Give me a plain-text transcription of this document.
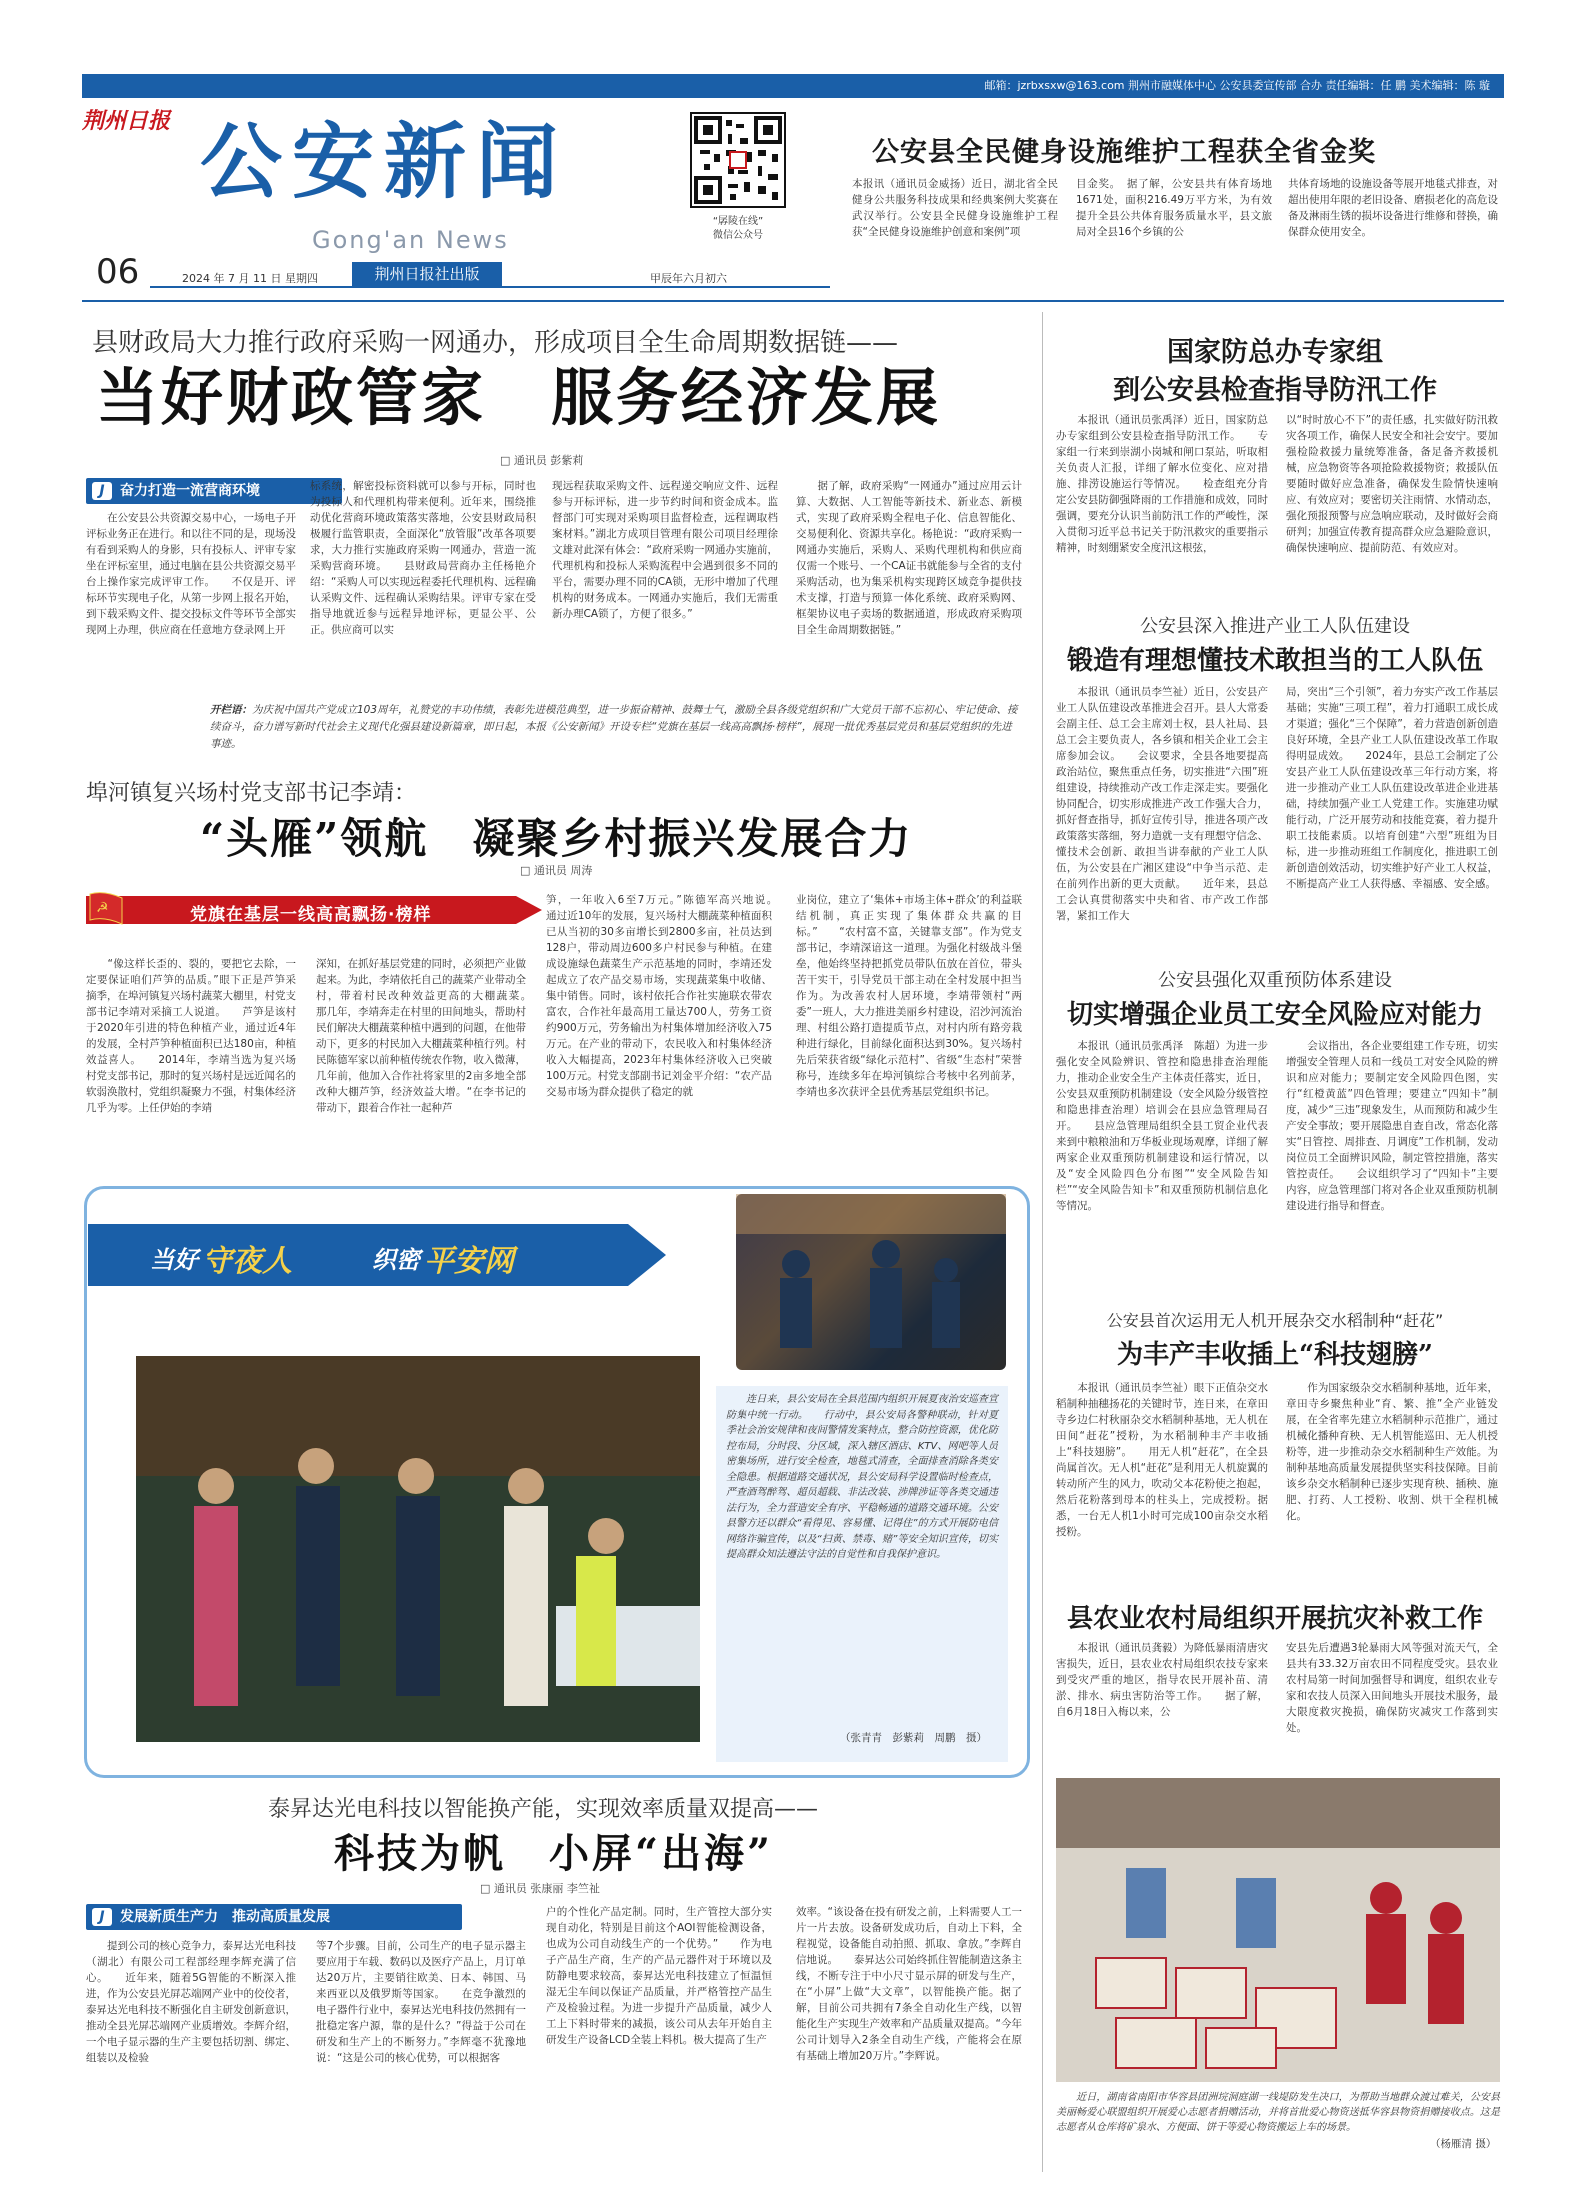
邮箱：jzrbxsxw@163.com 荆州市融媒体中心 公安县委宣传部 合办 责任编辑：任 鹏 美术编辑：陈 璇
荆州日报 公安新闻
Gong'an News
“孱陵在线”
微信公众号
06	2024 年 7 月 11 日 星期四	荆州日报社出版	甲辰年六月初六
公安县全民健身设施维护工程获全省金奖
本报讯（通讯员金威扬）近日，湖北省全民健身公共服务科技成果和经典案例大奖赛在武汉举行。公安县全民健身设施维护工程获“全民健身设施维护创意和案例”项
目金奖。　据了解，公安县共有体育场地1671处，面积216.49万平方米，为有效提升全县公共体育服务质量水平，县文旅局对全县16个乡镇的公
共体育场地的设施设备等展开地毯式排查，对超出使用年限的老旧设备、磨损老化的高危设备及淋雨生锈的损坏设备进行维修和替换，确保群众使用安全。
县财政局大力推行政府采购一网通办，形成项目全生命周期数据链——
当好财政管家　服务经济发展
□ 通讯员 彭紫莉
J	奋力打造一流营商环境
　　在公安县公共资源交易中心，一场电子开评标业务正在进行。和以往不同的是，现场没有看到采购人的身影，只有投标人、评审专家坐在评标室里，通过电脑在县公共资源交易平台上操作家完成评审工作。　　不仅是开、评标环节实现电子化，从第一步网上报名开始，到下载采购文件、提交投标文件等环节全部实现网上办理，供应商在任意地方登录网上开
标系统，解密投标资料就可以参与开标，同时也为投标人和代理机构带来便利。近年来，围绕推动优化营商环境政策落实落地，公安县财政局积极履行监管职责，全面深化“放管服”改革各项要求，大力推行实施政府采购一网通办，营造一流采购营商环境。　　县财政局营商办主任杨艳介绍：“采购人可以实现远程委托代理机构、远程确认采购文件、远程确认采购结果。评审专家在受指导地就近参与远程异地评标，更显公平、公正。供应商可以实
现远程获取采购文件、远程递交响应文件、远程参与开标评标，进一步节约时间和资金成本。监督部门可实现对采购项目监督检查，远程调取档案材料。”湖北方成项目管理有限公司项目经理徐文雄对此深有体会：“政府采购一网通办实施前，代理机构和投标人采购流程中会遇到很多不同的平台，需要办理不同的CA锁，无形中增加了代理机构的财务成本。一网通办实施后，我们无需重新办理CA锁了，方便了很多。”
　　据了解，政府采购“一网通办”通过应用云计算、大数据、人工智能等新技术、新业态、新模式，实现了政府采购全程电子化、信息智能化、交易便利化、资源共享化。杨艳说：“政府采购一网通办实施后，采购人、采购代理机构和供应商仅需一个账号、一个CA证书就能参与全省的支付采购活动，也为集采机构实现跨区域竞争提供技术支撑，打造与预算一体化系统、政府采购网、框架协议电子卖场的数据通道，形成政府采购项目全生命周期数据链。”
开栏语：为庆祝中国共产党成立103周年，礼赞党的丰功伟绩，表彰先进模范典型，进一步振奋精神、鼓舞士气，激励全县各级党组织和广大党员干部不忘初心、牢记使命、接续奋斗，奋力谱写新时代社会主义现代化强县建设新篇章，即日起，本报《公安新闻》开设专栏“党旗在基层一线高高飘扬·榜样”，展现一批优秀基层党员和基层党组织的先进事迹。
埠河镇复兴场村党支部书记李靖：
“头雁”领航　凝聚乡村振兴发展合力
□ 通讯员 周涛
☭	党旗在基层一线高高飘扬·榜样
　　“像这样长歪的、裂的，要把它去除，一定要保证咱们芦笋的品质。”眼下正是芦笋采摘季，在埠河镇复兴场村蔬菜大棚里，村党支部书记李靖对采摘工人说道。　　芦笋是该村于2020年引进的特色种植产业，通过近4年的发展，全村芦笋种植面积已达180亩，种植效益喜人。　　2014年，李靖当选为复兴场村党支部书记，那时的复兴场村是远近闻名的软弱涣散村，党组织凝聚力不强，村集体经济几乎为零。上任伊始的李靖
深知，在抓好基层党建的同时，必须把产业做起来。为此，李靖依托自己的蔬菜产业带动全村，带着村民改种效益更高的大棚蔬菜。　　那几年，李靖奔走在村里的田间地头，帮助村民们解决大棚蔬菜种植中遇到的问题，在他带动下，更多的村民加入大棚蔬菜种植行列。村民陈德军家以前种植传统农作物，收入微薄，几年前，他加入合作社将家里的2亩多地全部改种大棚芦笋，经济效益大增。“在李书记的带动下，跟着合作社一起种芦
笋，一年收入6至7万元。”陈德军高兴地说。　　通过近10年的发展，复兴场村大棚蔬菜种植面积已从当初的30多亩增长到2800多亩，社员达到128户，带动周边600多户村民参与种植。在建成设施绿色蔬菜生产示范基地的同时，李靖还发起成立了农产品交易市场，实现蔬菜集中收储、集中销售。同时，该村依托合作社实施联农带农富农，合作社年最高用工量达700人，劳务工资约900万元，劳务输出为村集体增加经济收入75万元。在产业的带动下，农民收入和村集体经济收入大幅提高，2023年村集体经济收入已突破100万元。村党支部副书记刘金平介绍：“农产品交易市场为群众提供了稳定的就
业岗位，建立了‘集体+市场主体+群众’的利益联结机制，真正实现了集体群众共赢的目标。”　　“农村富不富，关键靠支部”。作为党支部书记，李靖深谙这一道理。为强化村级战斗堡垒，他始终坚持把抓党员带队伍放在首位，带头苦干实干，引导党员干部主动在全村发展中担当作为。为改善农村人居环境，李靖带领村“两委”一班人，大力推进美丽乡村建设，沼沙河流治理、村组公路打造提质节点，对村内所有路旁栽种进行绿化，目前绿化面积达到30%。复兴场村先后荣获省级“绿化示范村”、省级“生态村”荣誉称号，连续多年在埠河镇综合考核中名列前茅，李靖也多次获评全县优秀基层党组织书记。
当好 守夜人	织密 平安网
　　连日来，县公安局在全县范围内组织开展夏夜治安巡查宣防集中统一行动。　　行动中，县公安局各警种联动，针对夏季社会治安规律和夜间警情发案特点，整合防控资源，优化防控布局，分时段、分区域，深入辖区酒店、KTV、网吧等人员密集场所，进行安全检查，地毯式清查，全面排查消除各类安全隐患。根据道路交通状况，县公安局科学设置临时检查点，严查酒驾醉驾、超员超载、非法改装、涉牌涉证等各类交通违法行为，全力营造安全有序、平稳畅通的道路交通环境。公安县警方还以群众“看得见、容易懂、记得住”的方式开展防电信网络诈骗宣传，以及“扫黄、禁毒、赌”等安全知识宣传，切实提高群众知法遵法守法的自觉性和自我保护意识。
（张青青　彭紫莉　周鹏　摄）
泰昇达光电科技以智能换产能，实现效率质量双提高——
科技为帆　小屏“出海”
□ 通讯员 张康丽 李竺祉
J	发展新质生产力　推动高质量发展
　　提到公司的核心竞争力，泰昇达光电科技（湖北）有限公司工程部经理李辉充满了信心。　　近年来，随着5G智能的不断深入推进，作为公安县光屏芯端网产业中的佼佼者，泰昇达光电科技不断强化自主研发创新意识，推动全县光屏芯端网产业质增效。李辉介绍，一个电子显示器的生产主要包括切割、绑定、组装以及检验
等7个步骤。目前，公司生产的电子显示器主要应用于车载、数码以及医疗产品上，月订单达20万片，主要销往欧美、日本、韩国、马来西亚以及俄罗斯等国家。　　在竞争激烈的电子器件行业中，泰昇达光电科技仍然拥有一批稳定客户源，靠的是什么？”得益于公司在研发和生产上的不断努力。”李辉毫不犹豫地说：“这是公司的核心优势，可以根据客
户的个性化产品定制。同时，生产管控大部分实现自动化，特别是目前这个AOI智能检测设备，也成为公司自动线生产的一个优势。”　　作为电子产品生产商，生产的产品元器件对于环境以及防静电要求较高，泰昇达光电科技建立了恒温恒湿无尘车间以保证产品质量，并严格管控产品生产及检验过程。为进一步提升产品质量，减少人工上下料时带来的减损，该公司从去年开始自主研发生产设备LCD全装上料机。极大提高了生产
效率。“该设备在投有研发之前，上料需要人工一片一片去放。设备研发成功后，自动上下料，全程视觉，设备能自动拍照、抓取、拿放。”李辉自信地说。　　泰昇达公司始终抓住智能制造这条主线，不断专注于中小尺寸显示屏的研发与生产，在“小屏”上做“大文章”，以智能换产能。据了解，目前公司共拥有7条全自动化生产线，以智能化生产实现生产效率和产品质量双提高。“今年公司计划导入2条全自动生产线，产能将会在原有基础上增加20万片。”李辉说。
国家防总办专家组
到公安县检查指导防汛工作
　　本报讯（通讯员张禹泽）近日，国家防总办专家组到公安县检查指导防汛工作。　　专家组一行来到崇湖小岗城和闸口泵站，听取相关负责人汇报，详细了解水位变化、应对措施、排涝设施运行等情况。　　检查组充分肯定公安县防御强降雨的工作措施和成效，同时强调，要充分认识当前防汛工作的严峻性，深入贯彻习近平总书记关于防汛救灾的重要指示精神，时刻绷紧安全度汛这根弦，
以“时时放心不下”的责任感，扎实做好防汛救灾各项工作，确保人民安全和社会安宁。要加强检险救援力量统筹准备，备足备齐救援机械，应急物资等各项抢险救援物资；救援队伍要随时做好应急准备，确保发生险情快速响应、有效应对；要密切关注雨情、水情动态，强化预报预警与应急响应联动，及时做好会商研判；加强宣传教育提高群众应急避险意识，确保快速响应、提前防范、有效应对。
公安县深入推进产业工人队伍建设
锻造有理想懂技术敢担当的工人队伍
　　本报讯（通讯员李竺祉）近日，公安县产业工人队伍建设改革推进会召开。县人大常委会副主任、总工会主席刘士权，县人社局、县总工会主要负责人，各乡镇和相关企业工会主席参加会议。　　会议要求，全县各地要提高政治站位，聚焦重点任务，切实推进“六围”班组建设，持续推动产改工作走深走实。要强化协同配合，切实形成推进产改工作强大合力，抓好督查指导，抓好宣传引导，推进各项产改政策落实落细，努力造就一支有理想守信念、懂技术会创新、敢担当讲奉献的产业工人队伍，为公安县在广湘区建设“中争当示范、走在前列作出新的更大贡献。　　近年来，县总工会认真贯彻落实中央和省、市产改工作部署，紧扣工作大
局，突出“三个引领”，着力夯实产改工作基层基础；实施“三项工程”，着力打通职工成长成才渠道；强化“三个保障”，着力营造创新创造良好环境，全县产业工人队伍建设改革工作取得明显成效。　　2024年，县总工会制定了公安县产业工人队伍建设改革三年行动方案，将进一步推动产业工人队伍建设改革进企业进基础，持续加强产业工人党建工作。实施建功赋能行动，广泛开展劳动和技能竞赛，着力提升职工技能素质。以培育创建“六型”班组为目标，进一步推动班组工作制度化，推进职工创新创造创效活动，切实维护好产业工人权益，不断提高产业工人获得感、幸福感、安全感。
公安县强化双重预防体系建设
切实增强企业员工安全风险应对能力
　　本报讯（通讯员张禹泽　陈超）为进一步强化安全风险辨识、管控和隐患排查治理能力，推动企业安全生产主体责任落实，近日，公安县双重预防机制建设（安全风险分级管控和隐患排查治理）培训会在县应急管理局召开。　　县应急管理局组织全县工贸企业代表来到中粮粮油和万华板业现场观摩，详细了解两家企业双重预防机制建设和运行情况，以及“安全风险四色分布图”“安全风险告知栏”“安全风险告知卡”和双重预防机制信息化等情况。
　　会议指出，各企业要组建工作专班，切实增强安全管理人员和一线员工对安全风险的辨识和应对能力；要制定安全风险四色图，实行“红橙黄蓝”四色管理；要建立“四知卡”制度，减少“三违”现象发生，从而预防和减少生产安全事故；要开展隐患自查自改，常态化落实“日管控、周排查、月调度”工作机制，发动岗位员工全面辨识风险，制定管控措施，落实管控责任。　　会议组织学习了“四知卡”主要内容，应急管理部门将对各企业双重预防机制建设进行指导和督查。
公安县首次运用无人机开展杂交水稻制种“赶花”
为丰产丰收插上“科技翅膀”
　　本报讯（通讯员李竺祉）眼下正值杂交水稻制种抽穗扬花的关键时节，连日来，在章田寺乡边仁村秋丽杂交水稻制种基地，无人机在田间“赶花”授粉，为水稻制种丰产丰收插上“科技翅膀”。　　用无人机“赶花”，在全县尚属首次。无人机“赶花”是利用无人机旋翼的转动所产生的风力，吹动父本花粉使之抱起，然后花粉落到母本的柱头上，完成授粉。据悉，一台无人机1小时可完成100亩杂交水稻授粉。
　　作为国家级杂交水稻制种基地，近年来，章田寺乡聚焦种业“育、繁、推”全产业链发展，在全省率先建立水稻制种示范推广，通过机械化播种育秧、无人机智能巡田、无人机授粉等，进一步推动杂交水稻制种生产效能。为制种基地高质量发展提供坚实科技保障。目前该乡杂交水稻制种已逐步实现育秧、插秧、施肥、打药、人工授粉、收割、烘干全程机械化。
县农业农村局组织开展抗灾补救工作
　　本报讯（通讯员龚毅）为降低暴雨清唐灾害损失，近日，县农业农村局组织农技专家来到受灾严重的地区，指导农民开展补苗、清淤、排水、病虫害防治等工作。　　据了解，自6月18日入梅以来，公
安县先后遭遇3轮暴雨大风等强对流天气，全县共有33.32万亩农田不同程度受灾。县农业农村局第一时间加强督导和调度，组织农业专家和农技人员深入田间地头开展技术服务，最大限度救灾挽损，确保防灾减灾工作落到实处。
　　近日，湖南省南阳市华容县团洲垸洞庭湖一线堤防发生决口，为帮助当地群众渡过难关，公安县美丽畅爱心联盟组织开展爱心志愿者捐赠活动，并将首批爱心物资送抵华容县物资捐赠接收点。这是志愿者从仓库将矿泉水、方便面、饼干等爱心物资搬运上车的场景。
（杨雁清 摄）
